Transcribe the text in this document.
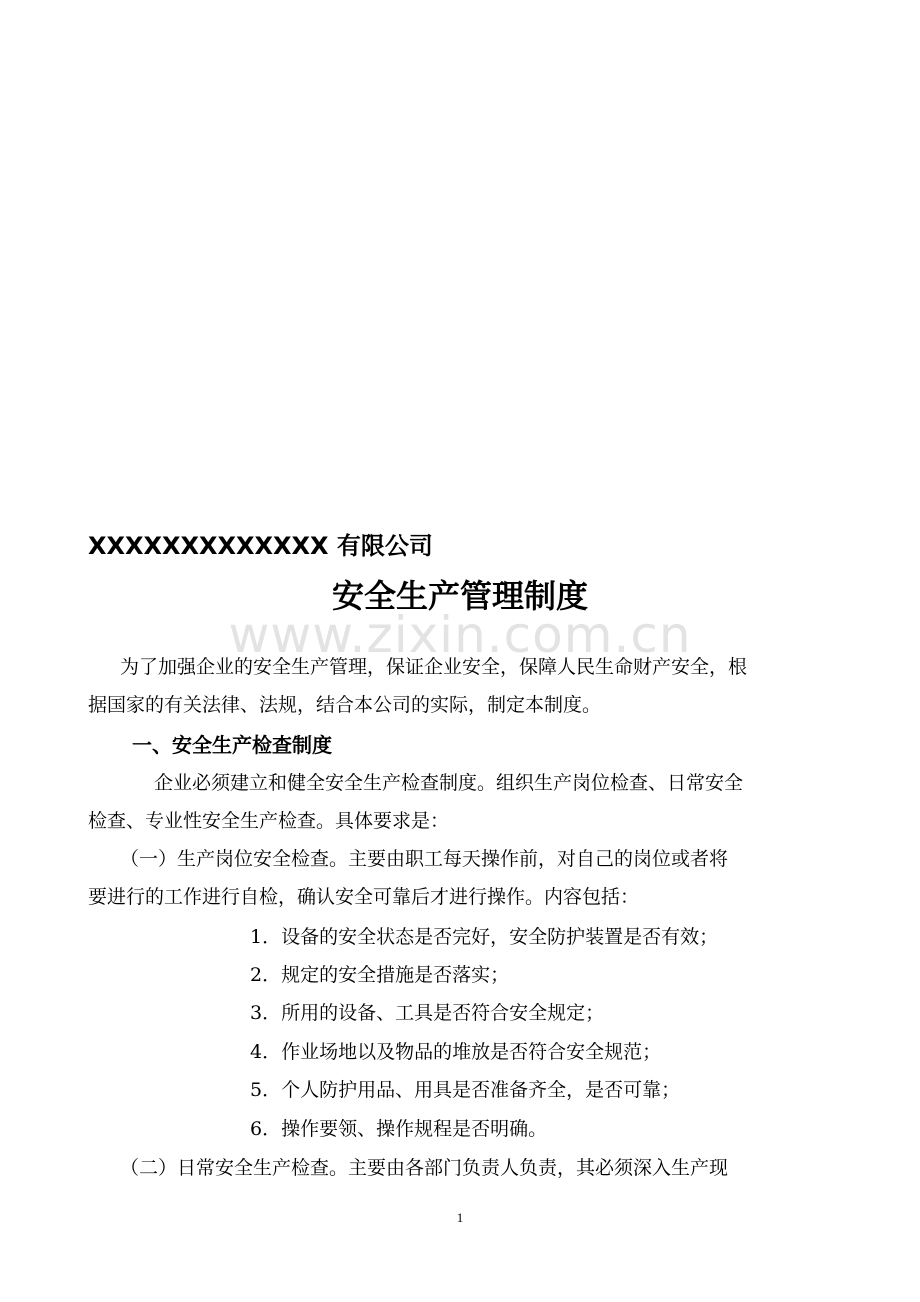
XXXXXXXXXXXXX 有限公司
安全生产管理制度
www.zixin.com.cn
为了加强企业的安全生产管理，保证企业安全，保障人民生命财产安全，根
据国家的有关法律、法规，结合本公司的实际，制定本制度。
一、安全生产检查制度
企业必须建立和健全安全生产检查制度。组织生产岗位检查、日常安全
检查、专业性安全生产检查。具体要求是：
（一）生产岗位安全检查。主要由职工每天操作前，对自己的岗位或者将
要进行的工作进行自检，确认安全可靠后才进行操作。内容包括：
1．设备的安全状态是否完好，安全防护装置是否有效；
2．规定的安全措施是否落实；
3．所用的设备、工具是否符合安全规定；
4．作业场地以及物品的堆放是否符合安全规范；
5．个人防护用品、用具是否准备齐全，是否可靠；
6．操作要领、操作规程是否明确。
（二）日常安全生产检查。主要由各部门负责人负责，其必须深入生产现
1
